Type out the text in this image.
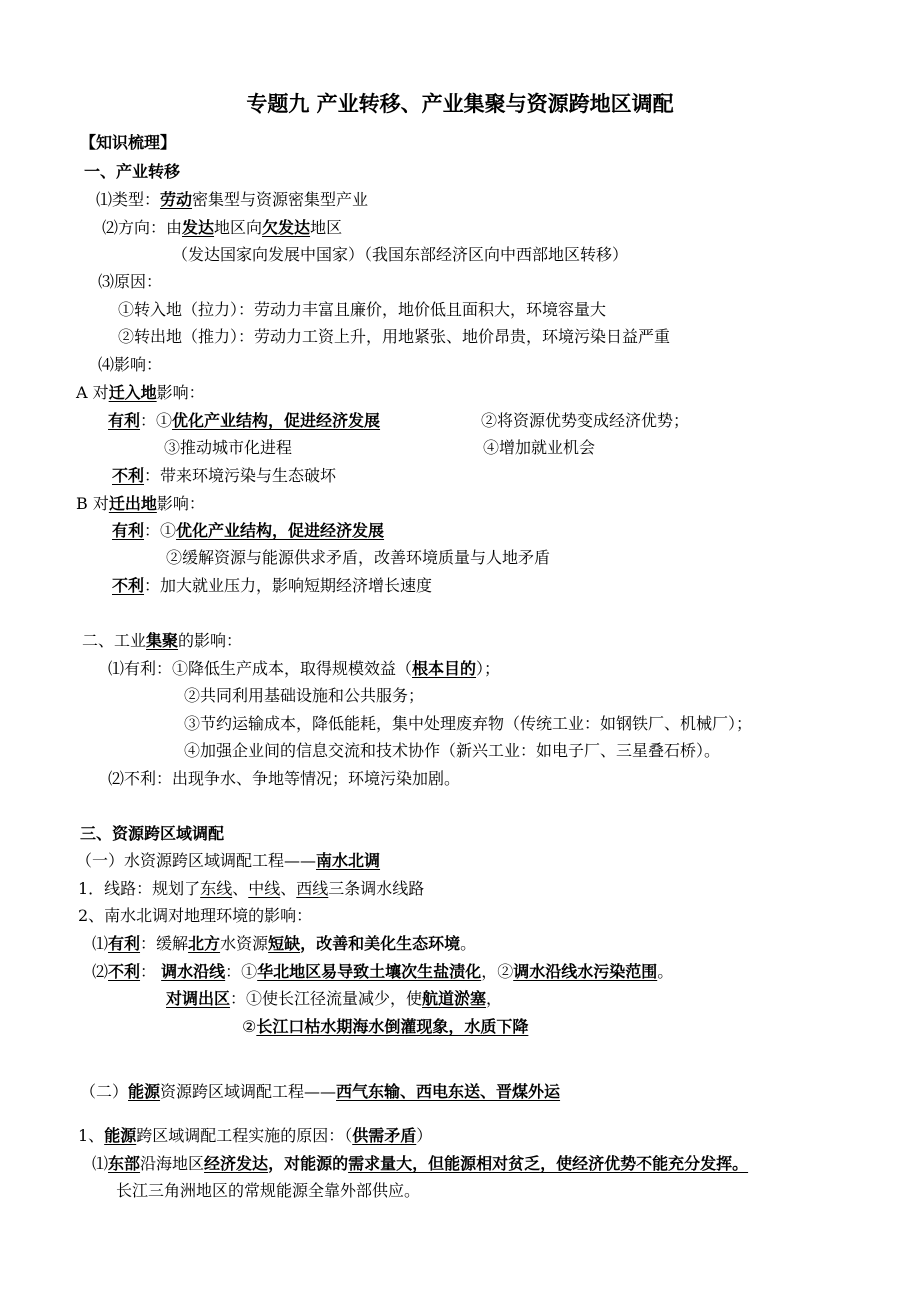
专题九 产业转移、产业集聚与资源跨地区调配
【知识梳理】
一、产业转移
⑴类型：劳动密集型与资源密集型产业
⑵方向：由发达地区向欠发达地区
（发达国家向发展中国家）（我国东部经济区向中西部地区转移）
⑶原因：
①转入地（拉力）：劳动力丰富且廉价，地价低且面积大，环境容量大
②转出地（推力）：劳动力工资上升，用地紧张、地价昂贵，环境污染日益严重
⑷影响：
A 对迁入地影响：
有利：①优化产业结构，促进经济发展	②将资源优势变成经济优势；
③推动城市化进程	④增加就业机会
不利：带来环境污染与生态破坏
B 对迁出地影响：
有利：①优化产业结构，促进经济发展
②缓解资源与能源供求矛盾，改善环境质量与人地矛盾
不利：加大就业压力，影响短期经济增长速度
二、工业集聚的影响：
⑴有利：①降低生产成本，取得规模效益（根本目的）；
②共同利用基础设施和公共服务；
③节约运输成本，降低能耗，集中处理废弃物（传统工业：如钢铁厂、机械厂）；
④加强企业间的信息交流和技术协作（新兴工业：如电子厂、三星叠石桥）。
⑵不利：出现争水、争地等情况；环境污染加剧。
三、资源跨区域调配
（一）水资源跨区域调配工程——南水北调
1．线路：规划了东线、中线、西线三条调水线路
2、南水北调对地理环境的影响：
⑴有利：缓解北方水资源短缺，改善和美化生态环境。
⑵不利： 调水沿线：①华北地区易导致土壤次生盐渍化，②调水沿线水污染范围。
对调出区：①使长江径流量减少，使航道淤塞，
②长江口枯水期海水倒灌现象，水质下降
（二）能源资源跨区域调配工程——西气东输、西电东送、晋煤外运
1、能源跨区域调配工程实施的原因：（供需矛盾）
⑴东部沿海地区经济发达，对能源的需求量大，但能源相对贫乏，使经济优势不能充分发挥。
长江三角洲地区的常规能源全靠外部供应。
